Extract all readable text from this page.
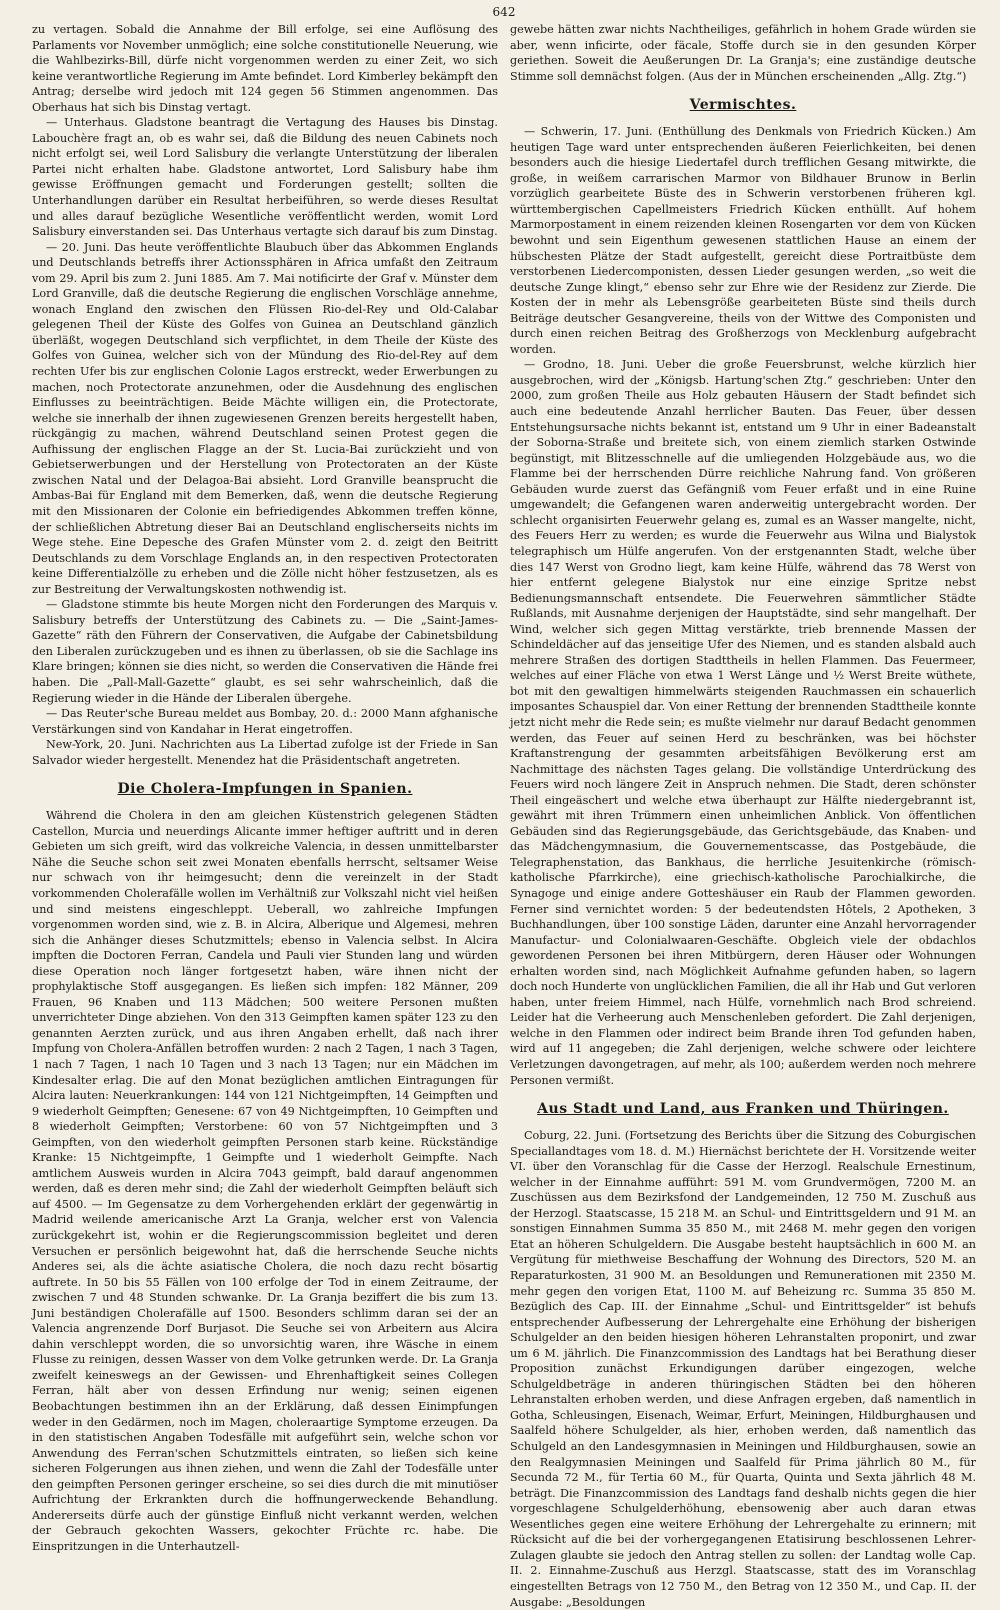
642

zu vertagen. Sobald die Annahme der Bill erfolge, sei eine Auflösung des Parlaments vor November unmöglich; eine solche constitutionelle Neuerung, wie die Wahlbezirks-Bill, dürfe nicht vorgenommen werden zu einer Zeit, wo sich keine verantwortliche Regierung im Amte befindet. Lord Kimberley bekämpft den Antrag; derselbe wird jedoch mit 124 gegen 56 Stimmen angenommen. Das Oberhaus hat sich bis Dinstag vertagt.

— Unterhaus. Gladstone beantragt die Vertagung des Hauses bis Dinstag. Labouchère fragt an, ob es wahr sei, daß die Bildung des neuen Cabinets noch nicht erfolgt sei, weil Lord Salisbury die verlangte Unterstützung der liberalen Partei nicht erhalten habe. Gladstone antwortet, Lord Salisbury habe ihm gewisse Eröffnungen gemacht und Forderungen gestellt; sollten die Unterhandlungen darüber ein Resultat herbeiführen, so werde dieses Resultat und alles darauf bezügliche Wesentliche veröffentlicht werden, womit Lord Salisbury einverstanden sei. Das Unterhaus vertagte sich darauf bis zum Dinstag.

— 20. Juni. Das heute veröffentlichte Blaubuch über das Abkommen Englands und Deutschlands betreffs ihrer Actionssphären in Africa umfaßt den Zeitraum vom 29. April bis zum 2. Juni 1885. Am 7. Mai notificirte der Graf v. Münster dem Lord Granville, daß die deutsche Regierung die englischen Vorschläge annehme, wonach England den zwischen den Flüssen Rio-del-Rey und Old-Calabar gelegenen Theil der Küste des Golfes von Guinea an Deutschland gänzlich überläßt, wogegen Deutschland sich verpflichtet, in dem Theile der Küste des Golfes von Guinea, welcher sich von der Mündung des Rio-del-Rey auf dem rechten Ufer bis zur englischen Colonie Lagos erstreckt, weder Erwerbungen zu machen, noch Protectorate anzunehmen, oder die Ausdehnung des englischen Einflusses zu beeinträchtigen. Beide Mächte willigen ein, die Protectorate, welche sie innerhalb der ihnen zugewiesenen Grenzen bereits hergestellt haben, rückgängig zu machen, während Deutschland seinen Protest gegen die Aufhissung der englischen Flagge an der St. Lucia-Bai zurückzieht und von Gebietserwerbungen und der Herstellung von Protectoraten an der Küste zwischen Natal und der Delagoa-Bai absieht. Lord Granville beansprucht die Ambas-Bai für England mit dem Bemerken, daß, wenn die deutsche Regierung mit den Missionaren der Colonie ein befriedigendes Abkommen treffen könne, der schließlichen Abtretung dieser Bai an Deutschland englischerseits nichts im Wege stehe. Eine Depesche des Grafen Münster vom 2. d. zeigt den Beitritt Deutschlands zu dem Vorschlage Englands an, in den respectiven Protectoraten keine Differentialzölle zu erheben und die Zölle nicht höher festzusetzen, als es zur Bestreitung der Verwaltungskosten nothwendig ist.

— Gladstone stimmte bis heute Morgen nicht den Forderungen des Marquis v. Salisbury betreffs der Unterstützung des Cabinets zu. — Die „Saint-James-Gazette“ räth den Führern der Conservativen, die Aufgabe der Cabinetsbildung den Liberalen zurückzugeben und es ihnen zu überlassen, ob sie die Sachlage ins Klare bringen; können sie dies nicht, so werden die Conservativen die Hände frei haben. Die „Pall-Mall-Gazette“ glaubt, es sei sehr wahrscheinlich, daß die Regierung wieder in die Hände der Liberalen übergehe.

— Das Reuter'sche Bureau meldet aus Bombay, 20. d.: 2000 Mann afghanische Verstärkungen sind von Kandahar in Herat eingetroffen.

New-York, 20. Juni. Nachrichten aus La Libertad zufolge ist der Friede in San Salvador wieder hergestellt. Menendez hat die Präsidentschaft angetreten.

Die Cholera-Impfungen in Spanien.

Während die Cholera in den am gleichen Küstenstrich gelegenen Städten Castellon, Murcia und neuerdings Alicante immer heftiger auftritt und in deren Gebieten um sich greift, wird das volkreiche Valencia, in dessen unmittelbarster Nähe die Seuche schon seit zwei Monaten ebenfalls herrscht, seltsamer Weise nur schwach von ihr heimgesucht; denn die vereinzelt in der Stadt vorkommenden Cholerafälle wollen im Verhältniß zur Volkszahl nicht viel heißen und sind meistens eingeschleppt. Ueberall, wo zahlreiche Impfungen vorgenommen worden sind, wie z. B. in Alcira, Alberique und Algemesi, mehren sich die Anhänger dieses Schutzmittels; ebenso in Valencia selbst. In Alcira impften die Doctoren Ferran, Candela und Pauli vier Stunden lang und würden diese Operation noch länger fortgesetzt haben, wäre ihnen nicht der prophylaktische Stoff ausgegangen. Es ließen sich impfen: 182 Männer, 209 Frauen, 96 Knaben und 113 Mädchen; 500 weitere Personen mußten unverrichteter Dinge abziehen. Von den 313 Geimpften kamen später 123 zu den genannten Aerzten zurück, und aus ihren Angaben erhellt, daß nach ihrer Impfung von Cholera-Anfällen betroffen wurden: 2 nach 2 Tagen, 1 nach 3 Tagen, 1 nach 7 Tagen, 1 nach 10 Tagen und 3 nach 13 Tagen; nur ein Mädchen im Kindesalter erlag. Die auf den Monat bezüglichen amtlichen Eintragungen für Alcira lauten: Neuerkrankungen: 144 von 121 Nichtgeimpften, 14 Geimpften und 9 wiederholt Geimpften; Genesene: 67 von 49 Nichtgeimpften, 10 Geimpften und 8 wiederholt Geimpften; Verstorbene: 60 von 57 Nichtgeimpften und 3 Geimpften, von den wiederholt geimpften Personen starb keine. Rückständige Kranke: 15 Nichtgeimpfte, 1 Geimpfte und 1 wiederholt Geimpfte. Nach amtlichem Ausweis wurden in Alcira 7043 geimpft, bald darauf angenommen werden, daß es deren mehr sind; die Zahl der wiederholt Geimpften beläuft sich auf 4500. — Im Gegensatze zu dem Vorhergehenden erklärt der gegenwärtig in Madrid weilende americanische Arzt La Granja, welcher erst von Valencia zurückgekehrt ist, wohin er die Regierungscommission begleitet und deren Versuchen er persönlich beigewohnt hat, daß die herrschende Seuche nichts Anderes sei, als die ächte asiatische Cholera, die noch dazu recht bösartig auftrete. In 50 bis 55 Fällen von 100 erfolge der Tod in einem Zeitraume, der zwischen 7 und 48 Stunden schwanke. Dr. La Granja beziffert die bis zum 13. Juni beständigen Cholerafälle auf 1500. Besonders schlimm daran sei der an Valencia angrenzende Dorf Burjasot. Die Seuche sei von Arbeitern aus Alcira dahin verschleppt worden, die so unvorsichtig waren, ihre Wäsche in einem Flusse zu reinigen, dessen Wasser von dem Volke getrunken werde. Dr. La Granja zweifelt keineswegs an der Gewissen- und Ehrenhaftigkeit seines Collegen Ferran, hält aber von dessen Erfindung nur wenig; seinen eigenen Beobachtungen bestimmen ihn an der Erklärung, daß dessen Einimpfungen weder in den Gedärmen, noch im Magen, choleraartige Symptome erzeugen. Da in den statistischen Angaben Todesfälle mit aufgeführt sein, welche schon vor Anwendung des Ferran'schen Schutzmittels eintraten, so ließen sich keine sicheren Folgerungen aus ihnen ziehen, und wenn die Zahl der Todesfälle unter den geimpften Personen geringer erscheine, so sei dies durch die mit minutiöser Aufrichtung der Erkrankten durch die hoffnungerweckende Behandlung. Andererseits dürfe auch der günstige Einfluß nicht verkannt werden, welchen der Gebrauch gekochten Wassers, gekochter Früchte rc. habe. Die Einspritzungen in die Unterhautzell-

gewebe hätten zwar nichts Nachtheiliges, gefährlich in hohem Grade würden sie aber, wenn inficirte, oder fäcale, Stoffe durch sie in den gesunden Körper geriethen. Soweit die Aeußerungen Dr. La Granja's; eine zuständige deutsche Stimme soll demnächst folgen. (Aus der in München erscheinenden „Allg. Ztg.“)

Vermischtes.

— Schwerin, 17. Juni. (Enthüllung des Denkmals von Friedrich Kücken.) Am heutigen Tage ward unter entsprechenden äußeren Feierlichkeiten, bei denen besonders auch die hiesige Liedertafel durch trefflichen Gesang mitwirkte, die große, in weißem carrarischen Marmor von Bildhauer Brunow in Berlin vorzüglich gearbeitete Büste des in Schwerin verstorbenen früheren kgl. württembergischen Capellmeisters Friedrich Kücken enthüllt. Auf hohem Marmorpostament in einem reizenden kleinen Rosengarten vor dem von Kücken bewohnt und sein Eigenthum gewesenen stattlichen Hause an einem der hübschesten Plätze der Stadt aufgestellt, gereicht diese Portraitbüste dem verstorbenen Liedercomponisten, dessen Lieder gesungen werden, „so weit die deutsche Zunge klingt,“ ebenso sehr zur Ehre wie der Residenz zur Zierde. Die Kosten der in mehr als Lebensgröße gearbeiteten Büste sind theils durch Beiträge deutscher Gesangvereine, theils von der Wittwe des Componisten und durch einen reichen Beitrag des Großherzogs von Mecklenburg aufgebracht worden.

— Grodno, 18. Juni. Ueber die große Feuersbrunst, welche kürzlich hier ausgebrochen, wird der „Königsb. Hartung'schen Ztg.“ geschrieben: Unter den 2000, zum großen Theile aus Holz gebauten Häusern der Stadt befindet sich auch eine bedeutende Anzahl herrlicher Bauten. Das Feuer, über dessen Entstehungsursache nichts bekannt ist, entstand um 9 Uhr in einer Badeanstalt der Soborna-Straße und breitete sich, von einem ziemlich starken Ostwinde begünstigt, mit Blitzesschnelle auf die umliegenden Holzgebäude aus, wo die Flamme bei der herrschenden Dürre reichliche Nahrung fand. Von größeren Gebäuden wurde zuerst das Gefängniß vom Feuer erfaßt und in eine Ruine umgewandelt; die Gefangenen waren anderweitig untergebracht worden. Der schlecht organisirten Feuerwehr gelang es, zumal es an Wasser mangelte, nicht, des Feuers Herr zu werden; es wurde die Feuerwehr aus Wilna und Bialystok telegraphisch um Hülfe angerufen. Von der erstgenannten Stadt, welche über dies 147 Werst von Grodno liegt, kam keine Hülfe, während das 78 Werst von hier entfernt gelegene Bialystok nur eine einzige Spritze nebst Bedienungsmannschaft entsendete. Die Feuerwehren sämmtlicher Städte Rußlands, mit Ausnahme derjenigen der Hauptstädte, sind sehr mangelhaft. Der Wind, welcher sich gegen Mittag verstärkte, trieb brennende Massen der Schindeldächer auf das jenseitige Ufer des Niemen, und es standen alsbald auch mehrere Straßen des dortigen Stadttheils in hellen Flammen. Das Feuermeer, welches auf einer Fläche von etwa 1 Werst Länge und ½ Werst Breite wüthete, bot mit den gewaltigen himmelwärts steigenden Rauchmassen ein schauerlich imposantes Schauspiel dar. Von einer Rettung der brennenden Stadttheile konnte jetzt nicht mehr die Rede sein; es mußte vielmehr nur darauf Bedacht genommen werden, das Feuer auf seinen Herd zu beschränken, was bei höchster Kraftanstrengung der gesammten arbeitsfähigen Bevölkerung erst am Nachmittage des nächsten Tages gelang. Die vollständige Unterdrückung des Feuers wird noch längere Zeit in Anspruch nehmen. Die Stadt, deren schönster Theil eingeäschert und welche etwa überhaupt zur Hälfte niedergebrannt ist, gewährt mit ihren Trümmern einen unheimlichen Anblick. Von öffentlichen Gebäuden sind das Regierungsgebäude, das Gerichtsgebäude, das Knaben- und das Mädchengymnasium, die Gouvernementscasse, das Postgebäude, die Telegraphenstation, das Bankhaus, die herrliche Jesuitenkirche (römisch-katholische Pfarrkirche), eine griechisch-katholische Parochialkirche, die Synagoge und einige andere Gotteshäuser ein Raub der Flammen geworden. Ferner sind vernichtet worden: 5 der bedeutendsten Hôtels, 2 Apotheken, 3 Buchhandlungen, über 100 sonstige Läden, darunter eine Anzahl hervorragender Manufactur- und Colonialwaaren-Geschäfte. Obgleich viele der obdachlos gewordenen Personen bei ihren Mitbürgern, deren Häuser oder Wohnungen erhalten worden sind, nach Möglichkeit Aufnahme gefunden haben, so lagern doch noch Hunderte von unglücklichen Familien, die all ihr Hab und Gut verloren haben, unter freiem Himmel, nach Hülfe, vornehmlich nach Brod schreiend. Leider hat die Verheerung auch Menschenleben gefordert. Die Zahl derjenigen, welche in den Flammen oder indirect beim Brande ihren Tod gefunden haben, wird auf 11 angegeben; die Zahl derjenigen, welche schwere oder leichtere Verletzungen davongetragen, auf mehr, als 100; außerdem werden noch mehrere Personen vermißt.

Aus Stadt und Land, aus Franken und Thüringen.

Coburg, 22. Juni. (Fortsetzung des Berichts über die Sitzung des Coburgischen Speciallandtages vom 18. d. M.) Hiernächst berichtete der H. Vorsitzende weiter VI. über den Voranschlag für die Casse der Herzogl. Realschule Ernestinum, welcher in der Einnahme aufführt: 591 M. vom Grundvermögen, 7200 M. an Zuschüssen aus dem Bezirksfond der Landgemeinden, 12 750 M. Zuschuß aus der Herzogl. Staatscasse, 15 218 M. an Schul- und Eintrittsgeldern und 91 M. an sonstigen Einnahmen Summa 35 850 M., mit 2468 M. mehr gegen den vorigen Etat an höheren Schulgeldern. Die Ausgabe besteht hauptsächlich in 600 M. an Vergütung für miethweise Beschaffung der Wohnung des Directors, 520 M. an Reparaturkosten, 31 900 M. an Besoldungen und Remunerationen mit 2350 M. mehr gegen den vorigen Etat, 1100 M. auf Beheizung rc. Summa 35 850 M. Bezüglich des Cap. III. der Einnahme „Schul- und Eintrittsgelder“ ist behufs entsprechender Aufbesserung der Lehrergehalte eine Erhöhung der bisherigen Schulgelder an den beiden hiesigen höheren Lehranstalten proponirt, und zwar um 6 M. jährlich. Die Finanzcommission des Landtags hat bei Berathung dieser Proposition zunächst Erkundigungen darüber eingezogen, welche Schulgeldbeträge in anderen thüringischen Städten bei den höheren Lehranstalten erhoben werden, und diese Anfragen ergeben, daß namentlich in Gotha, Schleusingen, Eisenach, Weimar, Erfurt, Meiningen, Hildburghausen und Saalfeld höhere Schulgelder, als hier, erhoben werden, daß namentlich das Schulgeld an den Landesgymnasien in Meiningen und Hildburghausen, sowie an den Realgymnasien Meiningen und Saalfeld für Prima jährlich 80 M., für Secunda 72 M., für Tertia 60 M., für Quarta, Quinta und Sexta jährlich 48 M. beträgt. Die Finanzcommission des Landtags fand deshalb nichts gegen die hier vorgeschlagene Schulgelderhöhung, ebensowenig aber auch daran etwas Wesentliches gegen eine weitere Erhöhung der Lehrergehalte zu erinnern; mit Rücksicht auf die bei der vorhergegangenen Etatisirung beschlossenen Lehrer-Zulagen glaubte sie jedoch den Antrag stellen zu sollen: der Landtag wolle Cap. II. 2. Einnahme-Zuschuß aus Herzgl. Staatscasse, statt des im Voranschlag eingestellten Betrags von 12 750 M., den Betrag von 12 350 M., und Cap. II. der Ausgabe: „Besoldungen
